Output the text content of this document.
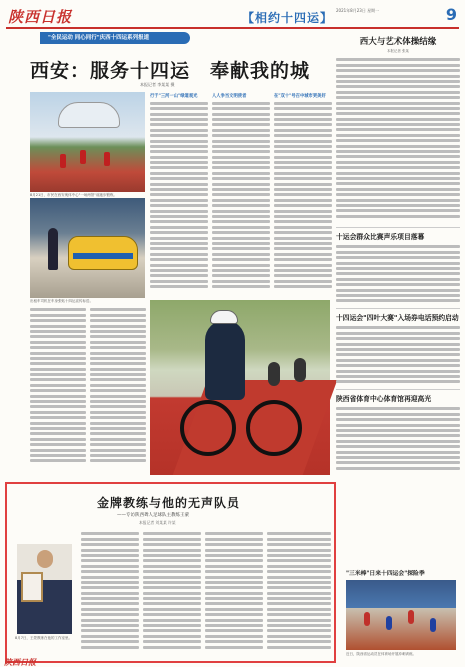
陕西日报	【相约十四运】
2021年8月23日 星期一	9
"全民运动 同心同行"庆西十四运系列报道
西安：服务十四运　奉献我的城
本报记者 李某某 摄
8月21日，市民在西安奥体中心"一场两馆"前跑步锻炼。
出租车司机在车身张贴十四运宣传标语。
行于"三河一山"绿道观光	人人争当文明使者	在"双十"号召中城市更美好
西大与艺术体操结缘
本报记者 张某
十运会群众比赛声乐项目落幕
十四运会"四叶大赛"入场券电话预约启动
陕西省体育中心体育馆再迎高光
"三米棒"日来十四运会"探险季
近日，陕西省运动员在体育场开展冲刺训练。
金牌教练与他的无声队员
——专访陕西聋人足球队主教练王蒙
本报记者 刘某某 许某
8月7日，王蒙教练在他的工作室里。
陕西日报
